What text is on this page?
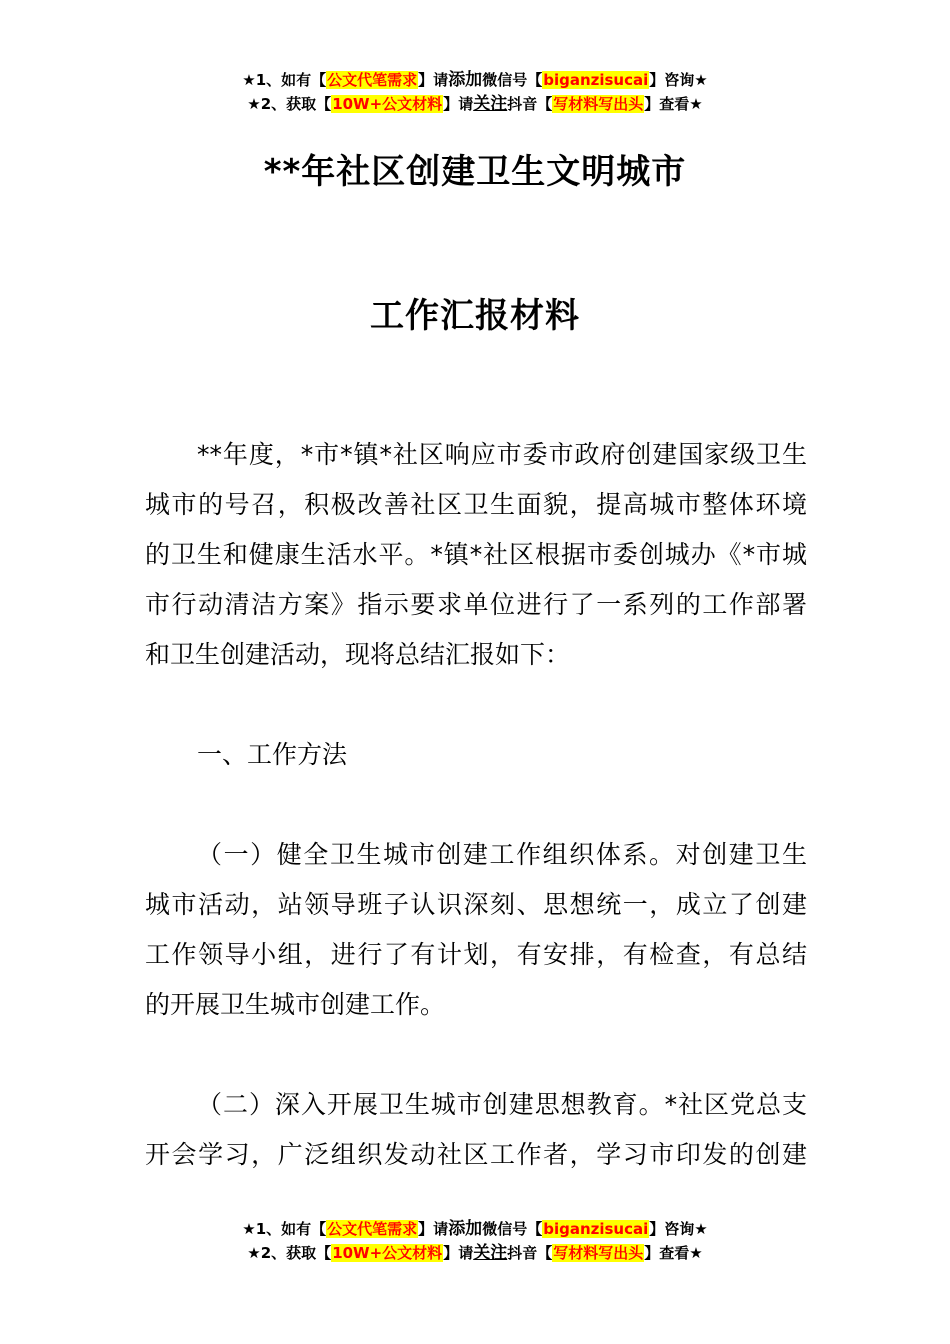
★1、如有【公文代笔需求】请添加微信号【biganzisucai】咨询★
★2、获取【10W+公文材料】请关注抖音【写材料写出头】查看★
**年社区创建卫生文明城市
工作汇报材料
**年度，*市*镇*社区响应市委市政府创建国家级卫生
城市的号召，积极改善社区卫生面貌，提高城市整体环境
的卫生和健康生活水平。*镇*社区根据市委创城办《*市城
市行动清洁方案》指示要求单位进行了一系列的工作部署
和卫生创建活动，现将总结汇报如下：
一、工作方法
（一）健全卫生城市创建工作组织体系。对创建卫生
城市活动，站领导班子认识深刻、思想统一，成立了创建
工作领导小组，进行了有计划，有安排，有检查，有总结
的开展卫生城市创建工作。
（二）深入开展卫生城市创建思想教育。*社区党总支
开会学习，广泛组织发动社区工作者，学习市印发的创建
★1、如有【公文代笔需求】请添加微信号【biganzisucai】咨询★
★2、获取【10W+公文材料】请关注抖音【写材料写出头】查看★
